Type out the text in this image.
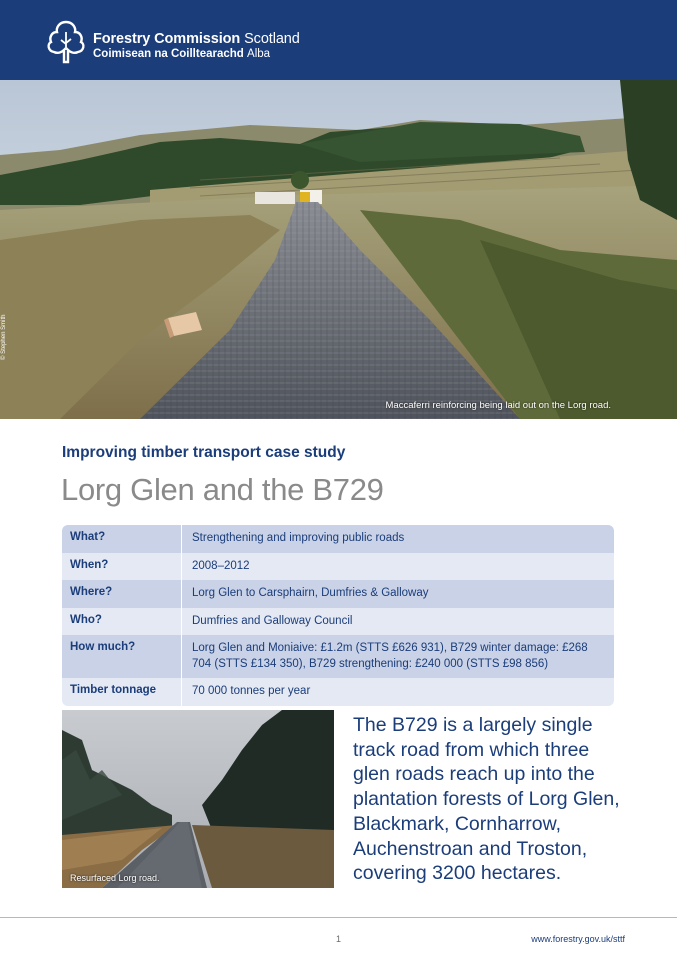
Forestry Commission Scotland
Coimisean na Coilltearachd Alba
Maccaferri reinforcing being laid out on the Lorg road.
© Stephen Smith
Improving timber transport case study
Lorg Glen and the B729
What?	Strengthening and improving public roads
When?	2008–2012
Where?	Lorg Glen to Carsphairn, Dumfries & Galloway
Who?	Dumfries and Galloway Council
How much?	Lorg Glen and Moniaive: £1.2m (STTS £626 931), B729 winter damage: £268 704 (STTS £134 350), B729 strengthening: £240 000 (STTS £98 856)
Timber tonnage	70 000 tonnes per year
Resurfaced Lorg road.
The B729 is a largely single track road from which three glen roads reach up into the plantation forests of Lorg Glen, Blackmark, Cornharrow, Auchenstroan and Troston, covering 3200 hectares.
1	www.forestry.gov.uk/sttf
